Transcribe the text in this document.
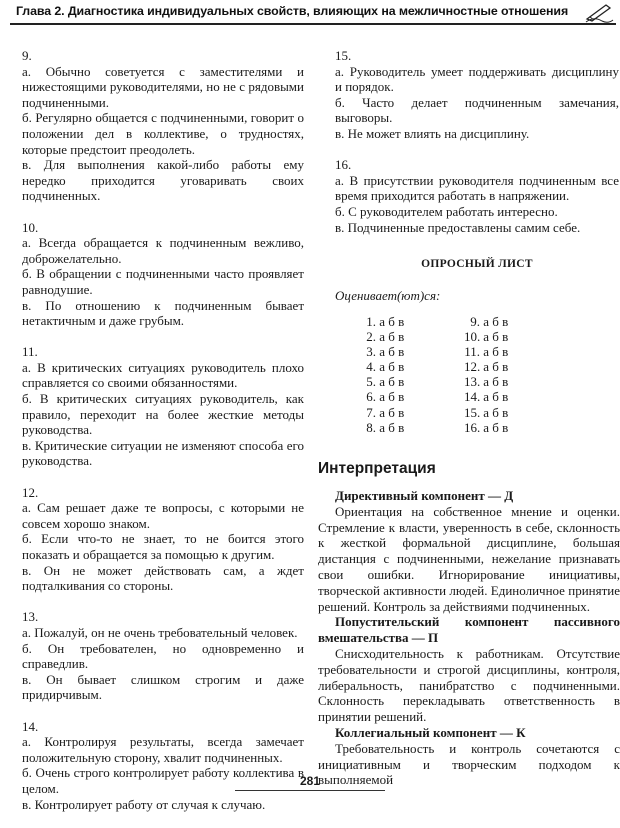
Глава 2. Диагностика индивидуальных свойств, влияющих на межличностные отношения

9.

а. Обычно советуется с заместителями и нижестоящими руководителями, но не с рядовыми подчиненными.

б. Регулярно общается с подчиненными, говорит о положении дел в коллективе, о трудностях, которые предстоит преодолеть.

в. Для выполнения какой-либо работы ему нередко приходится уговаривать своих подчиненных.

10.

а. Всегда обращается к подчиненным вежливо, доброжелательно.

б. В обращении с подчиненными часто проявляет равнодушие.

в. По отношению к подчиненным бывает нетактичным и даже грубым.

11.

а. В критических ситуациях руководитель плохо справляется со своими обязанностями.

б. В критических ситуациях руководитель, как правило, переходит на более жесткие методы руководства.

в. Критические ситуации не изменяют способа его руководства.

12.

а. Сам решает даже те вопросы, с которыми не совсем хорошо знаком.

б. Если что-то не знает, то не боится этого показать и обращается за помощью к другим.

в. Он не может действовать сам, а ждет подталкивания со стороны.

13.

а. Пожалуй, он не очень требовательный человек.

б. Он требователен, но одновременно и справедлив.

в. Он бывает слишком строгим и даже придирчивым.

14.

а. Контролируя результаты, всегда замечает положительную сторону, хвалит подчиненных.

б. Очень строго контролирует работу коллектива в целом.

в. Контролирует работу от случая к случаю.

15.

а. Руководитель умеет поддерживать дисциплину и порядок.

б. Часто делает подчиненным замечания, выговоры.

в. Не может влиять на дисциплину.

16.

а. В присутствии руководителя подчиненным все время приходится работать в напряжении.

б. С руководителем работать интересно.

в. Подчиненные предоставлены самим себе.

ОПРОСНЫЙ ЛИСТ

Оценивает(ют)ся:
1. а б в
2. а б в
3. а б в
4. а б в
5. а б в
6. а б в
7. а б в
8. а б в
9. а б в
10. а б в
11. а б в
12. а б в
13. а б в
14. а б в
15. а б в
16. а б в
Интерпретация

Директивный компонент — Д

Ориентация на собственное мнение и оценки. Стремление к власти, уверенность в себе, склонность к жесткой формальной дисциплине, большая дистанция с подчиненными, нежелание признавать свои ошибки. Игнорирование инициативы, творческой активности людей. Единоличное принятие решений. Контроль за действиями подчиненных.

Попустительский компонент пассивного вмешательства — П

Снисходительность к работникам. Отсутствие требовательности и строгой дисциплины, контроля, либеральность, панибратство с подчиненными. Склонность перекладывать ответственность в принятии решений.

Коллегиальный компонент — К

Требовательность и контроль сочетаются с инициативным и творческим подходом к выполняемой

281
